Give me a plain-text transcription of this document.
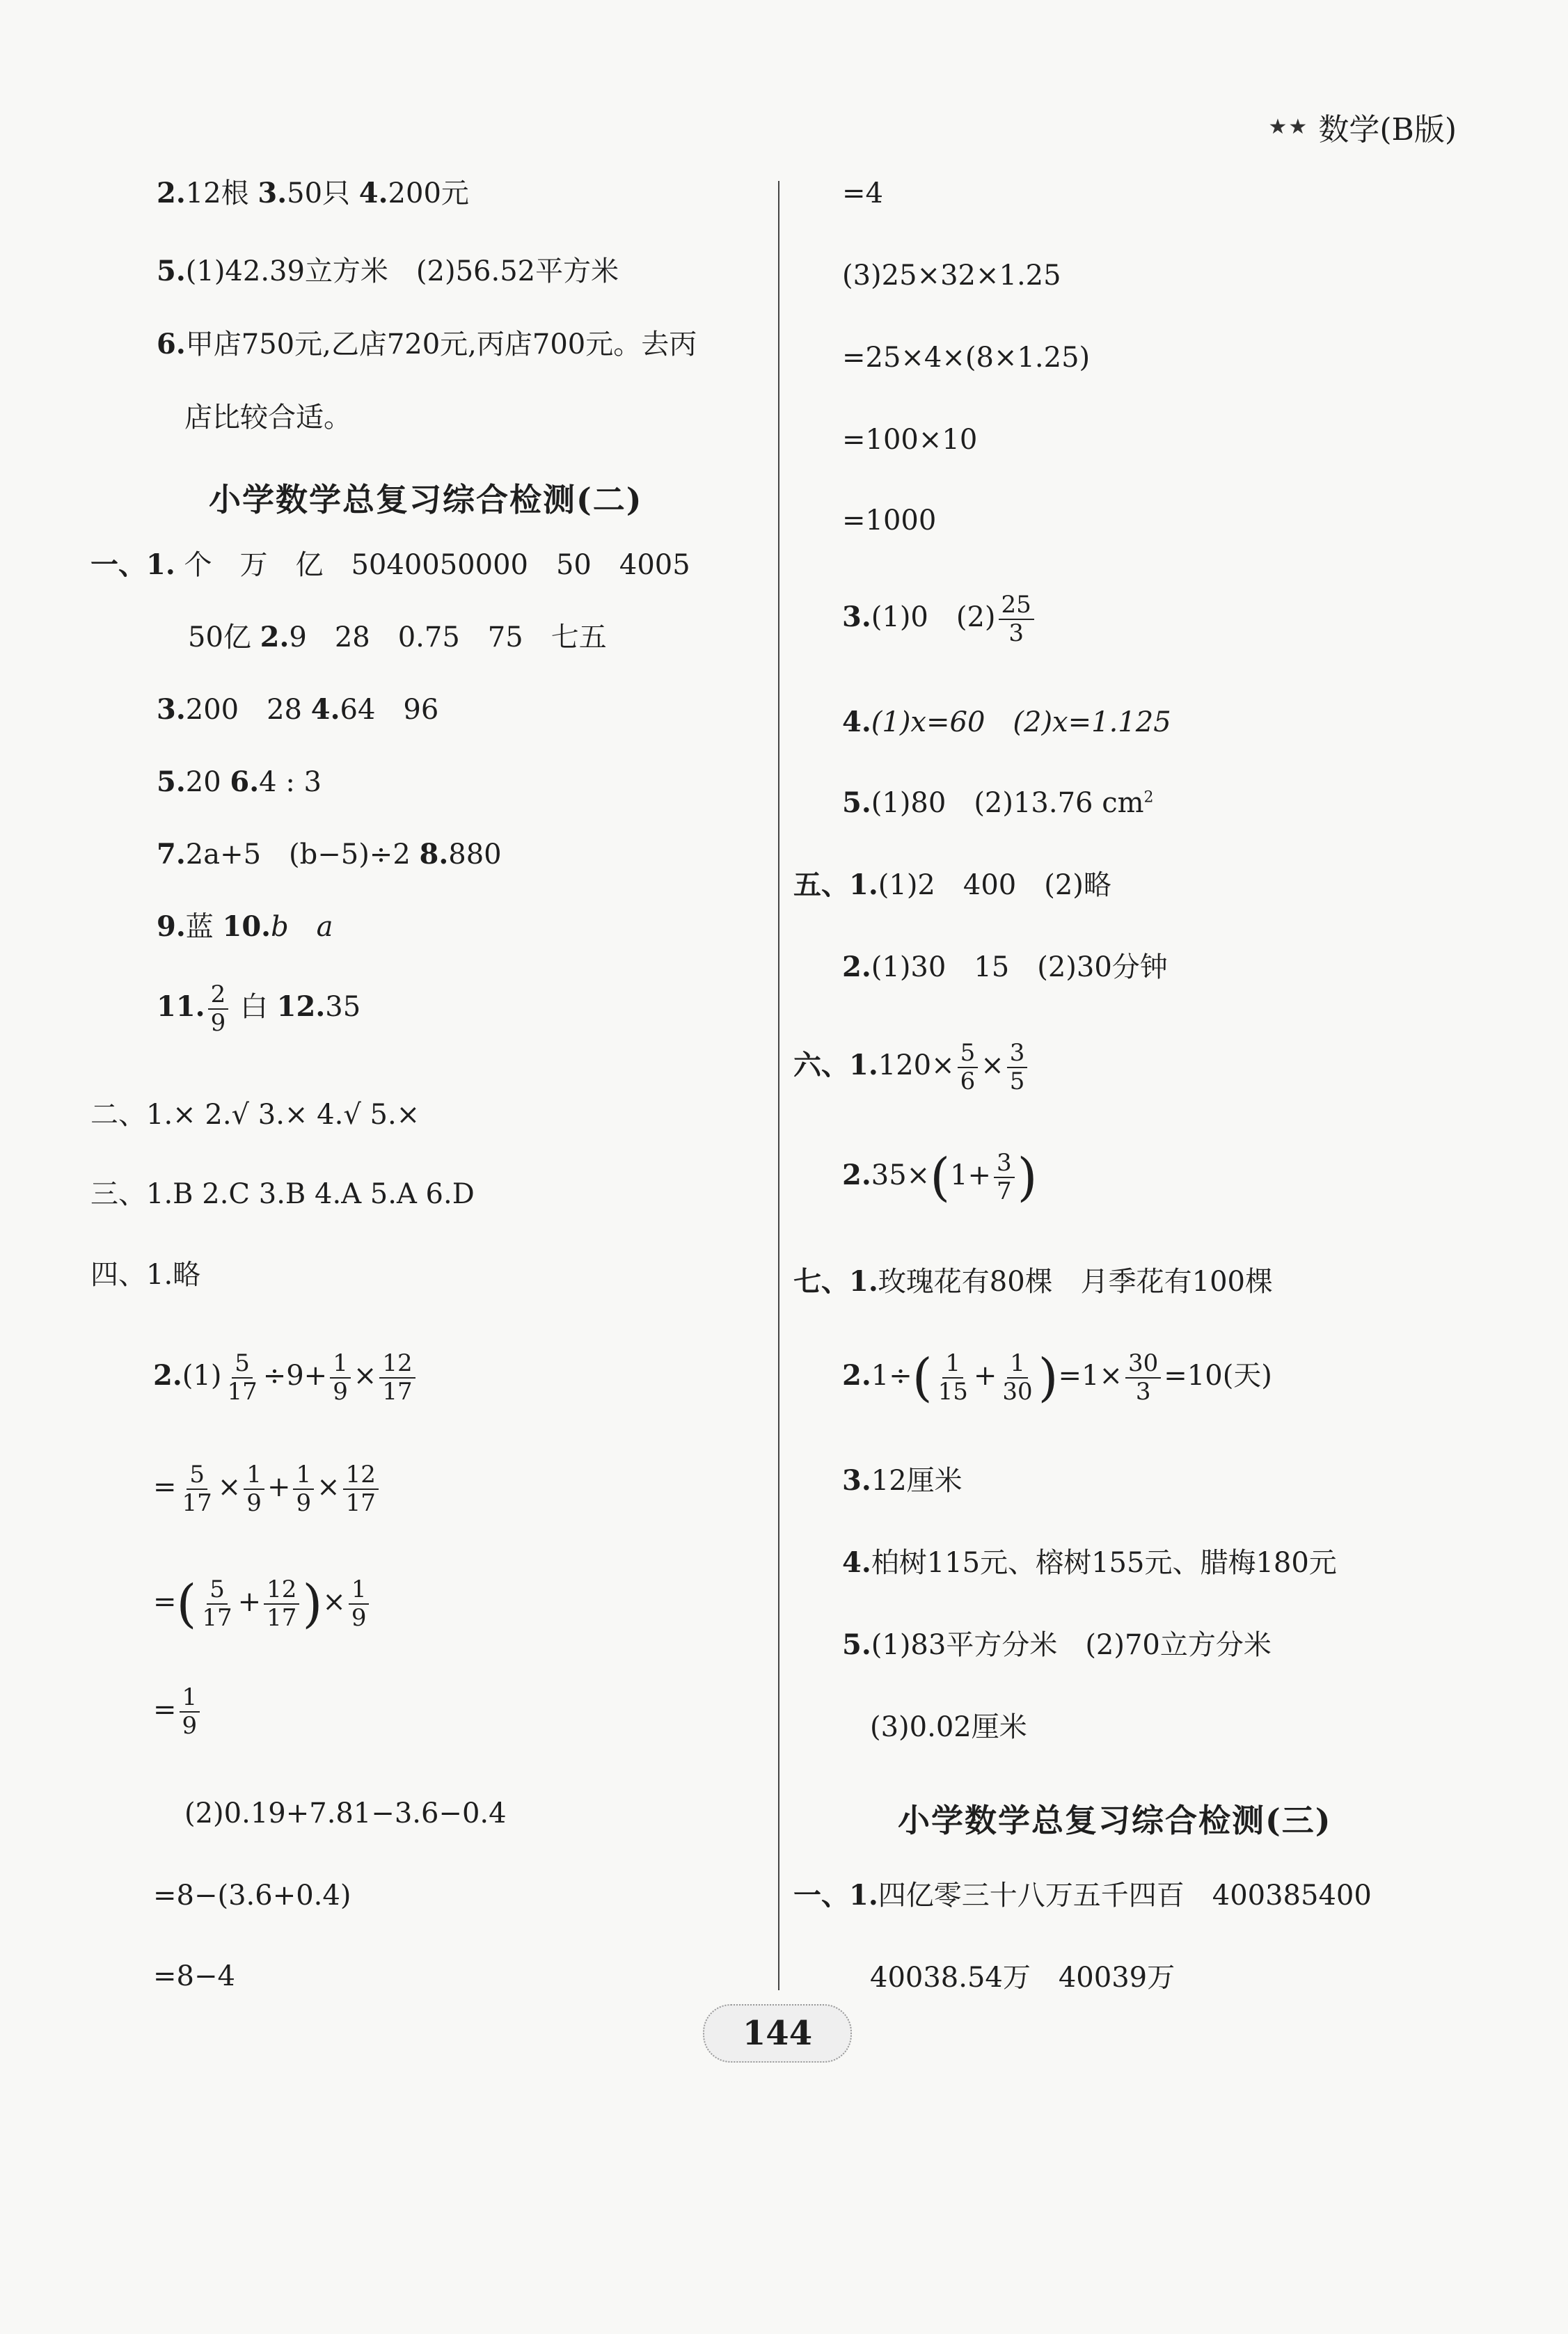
★★ 数学(B版)
2.12根 3.50只 4.200元
5.(1)42.39立方米　(2)56.52平方米
6.甲店750元,乙店720元,丙店700元。去丙
店比较合适。
小学数学总复习综合检测(二)
一、1. 个　万　亿　5040050000　50　4005
50亿 2.9　28　0.75　75　七五
3.200　28 4.64　96
5.20 6.4 : 3
7.2a+5　(b−5)÷2 8.880
9.蓝 10.b　a
11. $\frac{2}{9}$ 白 12.35
二、1.× 2.√ 3.× 4.√ 5.×
三、1.B 2.C 3.B 4.A 5.A 6.D
四、1.略
$2.(1) \frac{5}{17} \div 9+ \frac{1}{9} \times \frac{12}{17}$
= $\frac{5}{17} \times \frac{1}{9} + \frac{1}{9} \times \frac{12}{17}$
=( $\frac{5}{17} + \frac{12}{17}$ )× $\frac{1}{9}$
= $\frac{1}{9}$
(2)0.19+7.81−3.6−0.4
=8−(3.6+0.4)
=8−4
=4
(3)25×32×1.25
=25×4×(8×1.25)
=100×10
=1000
3.(1)0　$(2) \frac{25}{3}$
4.(1)x=60　(2)x=1.125
5.(1)80　(2)13.76 $cm^2$
五、1.(1)2　400　(2)略
2.(1)30　15　(2)30分钟
六、$1.120\times \frac{5}{6} \times \frac{3}{5}$
$2.35\times(1+ \frac{3}{7}$ )
七、1.玫瑰花有80棵　月季花有100棵
$2.1\div( \frac{1}{15} + \frac{1}{30} )=1\times \frac{30}{3} =10$(天)
3.12厘米
4.柏树115元、榕树155元、腊梅180元
5.(1)83平方分米　(2)70立方分米
(3)0.02厘米
小学数学总复习综合检测(三)
一、1.四亿零三十八万五千四百　400385400
40038.54万　40039万
144
